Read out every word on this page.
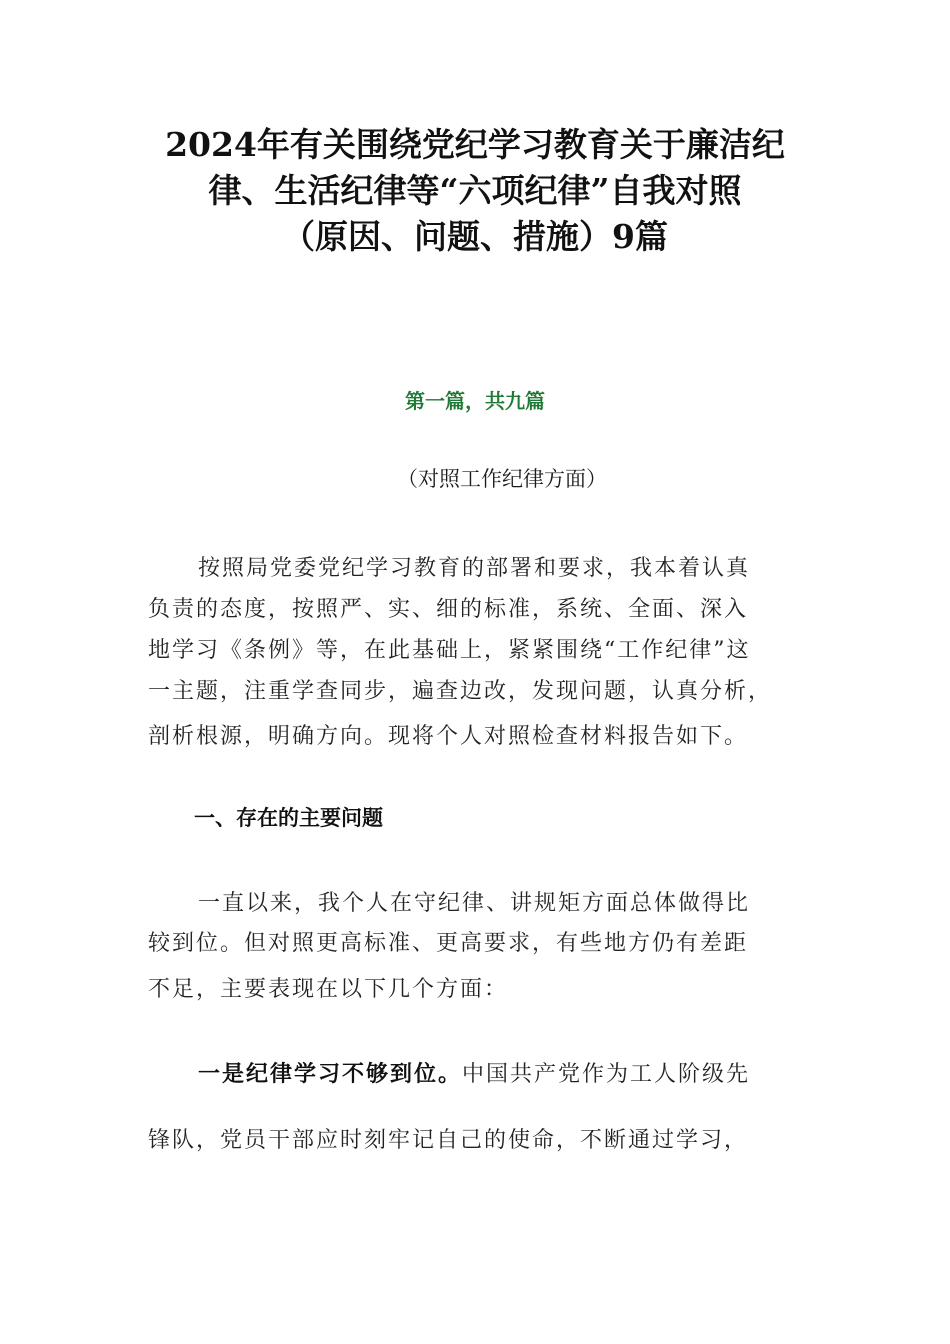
2024年有关围绕党纪学习教育关于廉洁纪
律、生活纪律等“六项纪律”自我对照
（原因、问题、措施）9篇
第一篇，共九篇
（对照工作纪律方面）

按照局党委党纪学习教育的部署和要求，我本着认真
负责的态度，按照严、实、细的标准，系统、全面、深入
地学习《条例》等，在此基础上，紧紧围绕“工作纪律”这
一主题，注重学查同步，遍查边改，发现问题，认真分析，
剖析根源，明确方向。现将个人对照检查材料报告如下。

一、存在的主要问题

一直以来，我个人在守纪律、讲规矩方面总体做得比
较到位。但对照更高标准、更高要求，有些地方仍有差距
不足，主要表现在以下几个方面：

一是纪律学习不够到位。中国共产党作为工人阶级先
锋队，党员干部应时刻牢记自己的使命，不断通过学习，
